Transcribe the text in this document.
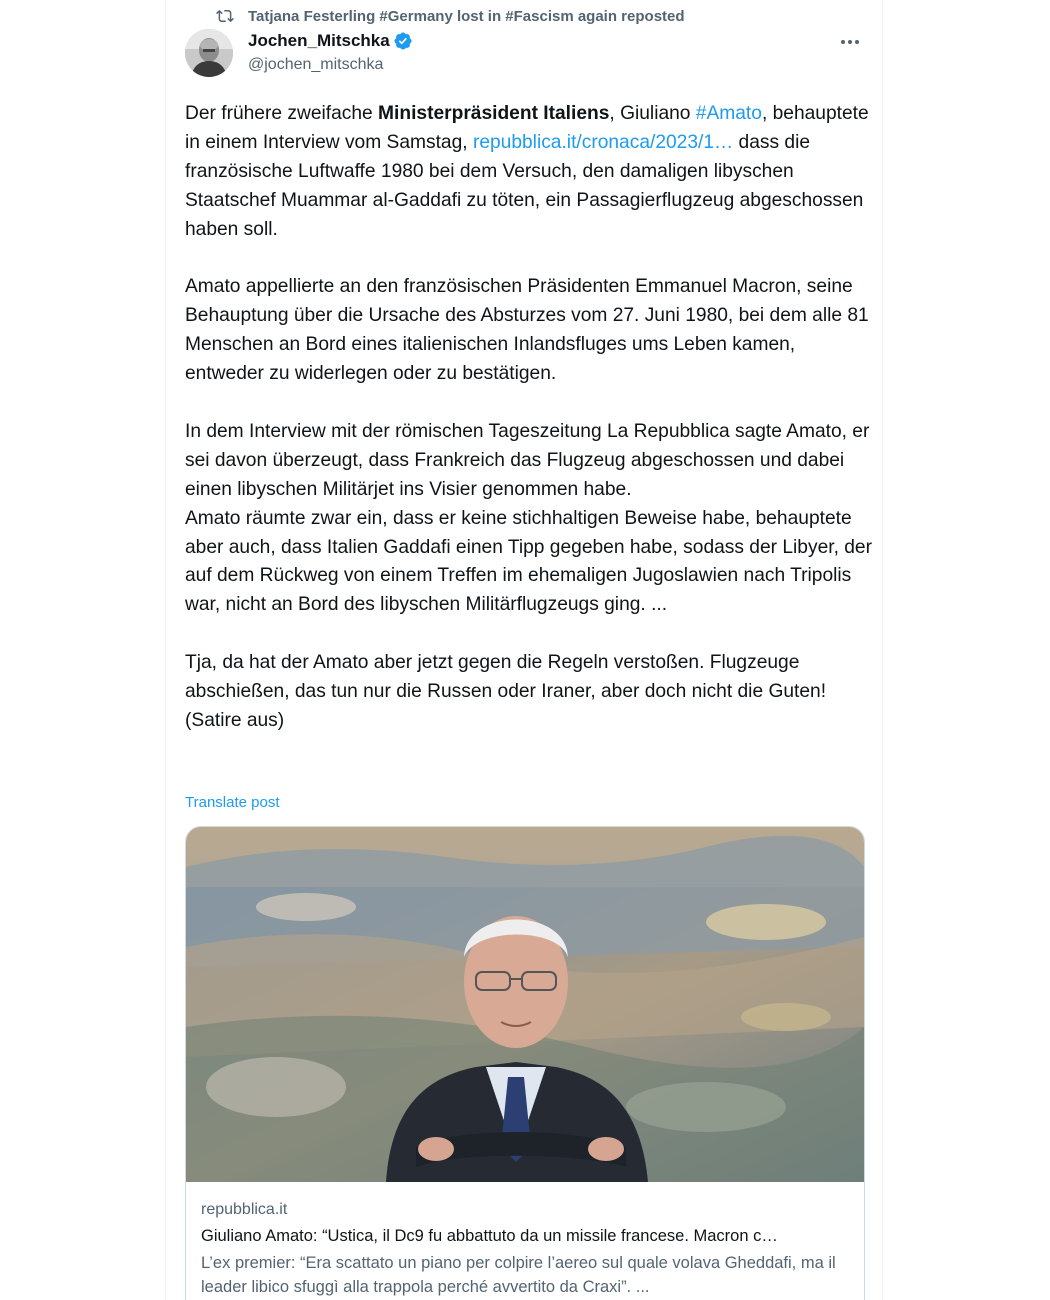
Tatjana Festerling #Germany lost in #Fascism again reposted
Jochen_Mitschka
@jochen_mitschka

Der frühere zweifache Ministerpräsident Italiens, Giuliano #Amato, behauptete in einem Interview vom Samstag, repubblica.it/cronaca/2023/1… dass die französische Luftwaffe 1980 bei dem Versuch, den damaligen libyschen Staatschef Muammar al-Gaddafi zu töten, ein Passagierflugzeug abgeschossen haben soll.

Amato appellierte an den französischen Präsidenten Emmanuel Macron, seine Behauptung über die Ursache des Absturzes vom 27. Juni 1980, bei dem alle 81 Menschen an Bord eines italienischen Inlandsfluges ums Leben kamen, entweder zu widerlegen oder zu bestätigen.

In dem Interview mit der römischen Tageszeitung La Repubblica sagte Amato, er sei davon überzeugt, dass Frankreich das Flugzeug abgeschossen und dabei einen libyschen Militärjet ins Visier genommen habe.

Amato räumte zwar ein, dass er keine stichhaltigen Beweise habe, behauptete aber auch, dass Italien Gaddafi einen Tipp gegeben habe, sodass der Libyer, der auf dem Rückweg von einem Treffen im ehemaligen Jugoslawien nach Tripolis war, nicht an Bord des libyschen Militärflugzeugs ging. ...

Tja, da hat der Amato aber jetzt gegen die Regeln verstoßen. Flugzeuge abschießen, das tun nur die Russen oder Iraner, aber doch nicht die Guten! (Satire aus)

Translate post
repubblica.it
Giuliano Amato: “Ustica, il Dc9 fu abbattuto da un missile francese. Macron c…
L’ex premier: “Era scattato un piano per colpire l’aereo sul quale volava Gheddafi, ma il leader libico sfuggì alla trappola perché avvertito da Craxi”. ...
